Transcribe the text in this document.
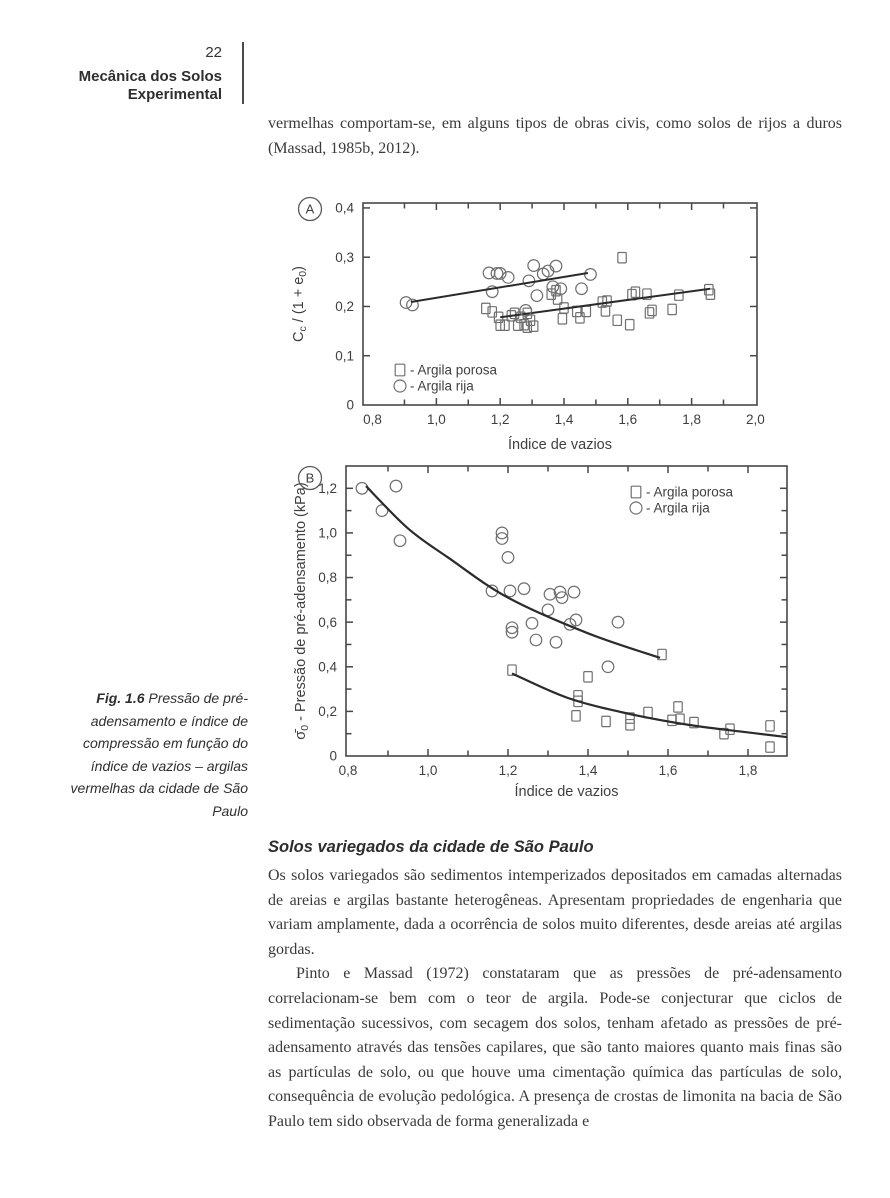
22
Mecânica dos Solos
Experimental

vermelhas comportam-se, em alguns tipos de obras civis, como solos de rijos a duros (Massad, 1985b, 2012).

0,8	1,0	1,2	1,4	1,6	1,8	2,0
0
0,1
0,2
0,3
0,4
Índice de vazios
$C_c / (1 + e_0)$
A
- Argila porosa
- Argila rija
0,8	1,0	1,2	1,4	1,6	1,8
0
0,2
0,4
0,6
0,8
1,0
1,2
Índice de vazios
$\sigmā_0$ - Pressão de pré-adensamento (kPa)
B
- Argila porosa
- Argila rija
Fig. 1.6 Pressão de pré-adensamento e índice de compressão em função do índice de vazios – argilas vermelhas da cidade de São Paulo
Solos variegados da cidade de São Paulo

Os solos variegados são sedimentos intemperizados depositados em camadas alternadas de areias e argilas bastante heterogêneas. Apresentam propriedades de engenharia que variam amplamente, dada a ocorrência de solos muito diferentes, desde areias até argilas gordas.

Pinto e Massad (1972) constataram que as pressões de pré-adensamento correlacionam-se bem com o teor de argila. Pode-se conjecturar que ciclos de sedimentação sucessivos, com secagem dos solos, tenham afetado as pressões de pré-adensamento através das tensões capilares, que são tanto maiores quanto mais finas são as partículas de solo, ou que houve uma cimentação química das partículas de solo, consequência de evolução pedológica. A presença de crostas de limonita na bacia de São Paulo tem sido observada de forma generalizada e
